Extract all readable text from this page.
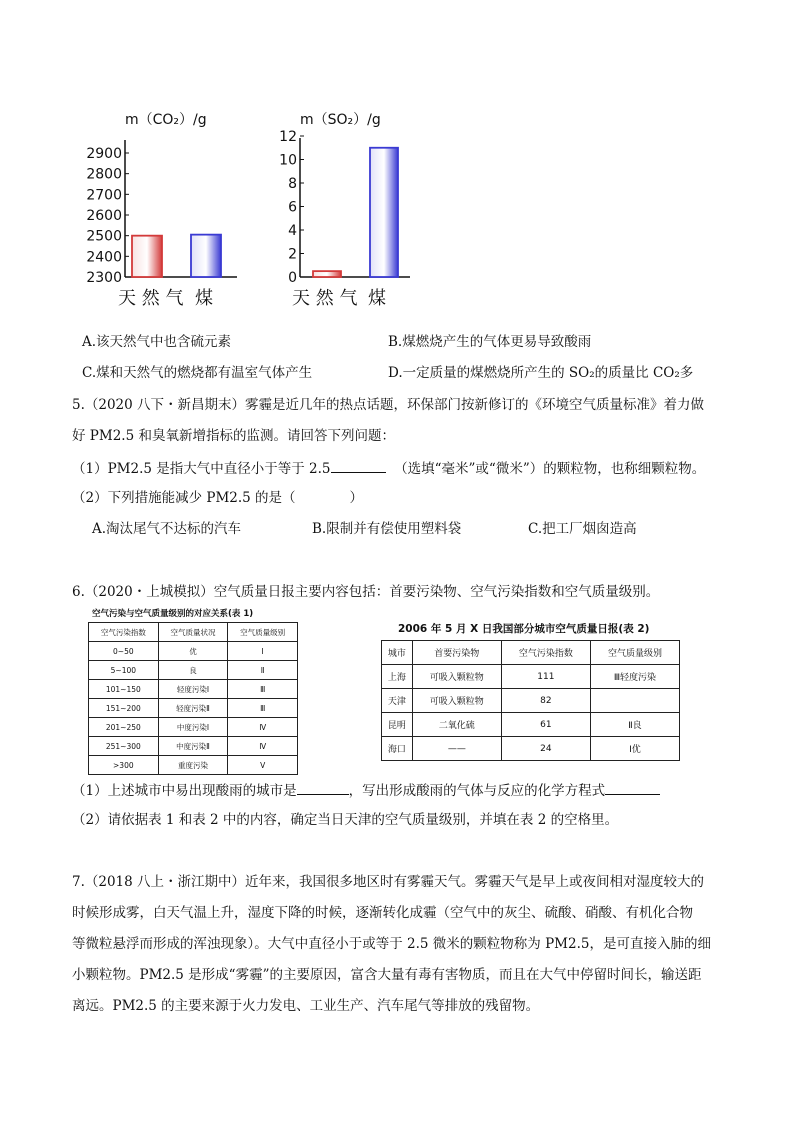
m（CO₂）/g
2900
2800
2700
2600
2500
2400
2300
天 然 气 煤
m（SO₂）/g
12
10
8
6
4
2
0
天 然 气 煤
A.该天然气中也含硫元素	B.煤燃烧产生的气体更易导致酸雨
C.煤和天然气的燃烧都有温室气体产生	D.一定质量的煤燃烧所产生的 SO₂的质量比 CO₂多
5.（2020 八下・新昌期末）雾霾是近几年的热点话题，环保部门按新修订的《环境空气质量标准》着力做
好 PM2.5 和臭氧新增指标的监测。请回答下列问题：
（1）PM2.5 是指大气中直径小于等于 2.5	（选填“毫米”或“微米”）的颗粒物，也称细颗粒物。
（2）下列措施能减少 PM2.5 的是（　　　　）
A.淘汰尾气不达标的汽车	B.限制并有偿使用塑料袋	C.把工厂烟囱造高
6.（2020・上城模拟）空气质量日报主要内容包括：首要污染物、空气污染指数和空气质量级别。
空气污染与空气质量级别的对应关系(表 1)
空气污染指数	空气质量状况	空气质量级别
0~50	优	Ⅰ
5~100	良	Ⅱ
101~150	轻度污染Ⅰ	Ⅲ
151~200	轻度污染Ⅱ	Ⅲ
201~250	中度污染Ⅰ	Ⅳ
251~300	中度污染Ⅱ	Ⅳ
>300	重度污染	Ⅴ
2006 年 5 月 X 日我国部分城市空气质量日报(表 2)
城市	首要污染物	空气污染指数	空气质量级别
上海	可吸入颗粒物	111	Ⅲ轻度污染
天津	可吸入颗粒物	82	
昆明	二氧化硫	61	Ⅱ良
海口	——	24	Ⅰ优
（1）上述城市中易出现酸雨的城市是	，写出形成酸雨的气体与反应的化学方程式
（2）请依据表 1 和表 2 中的内容，确定当日天津的空气质量级别，并填在表 2 的空格里。
7.（2018 八上・浙江期中）近年来，我国很多地区时有雾霾天气。雾霾天气是早上或夜间相对湿度较大的
时候形成雾，白天气温上升，湿度下降的时候，逐渐转化成霾（空气中的灰尘、硫酸、硝酸、有机化合物
等微粒悬浮而形成的浑浊现象）。大气中直径小于或等于 2.5 微米的颗粒物称为 PM2.5，是可直接入肺的细
小颗粒物。PM2.5 是形成“雾霾”的主要原因，富含大量有毒有害物质，而且在大气中停留时间长，输送距
离远。PM2.5 的主要来源于火力发电、工业生产、汽车尾气等排放的残留物。
